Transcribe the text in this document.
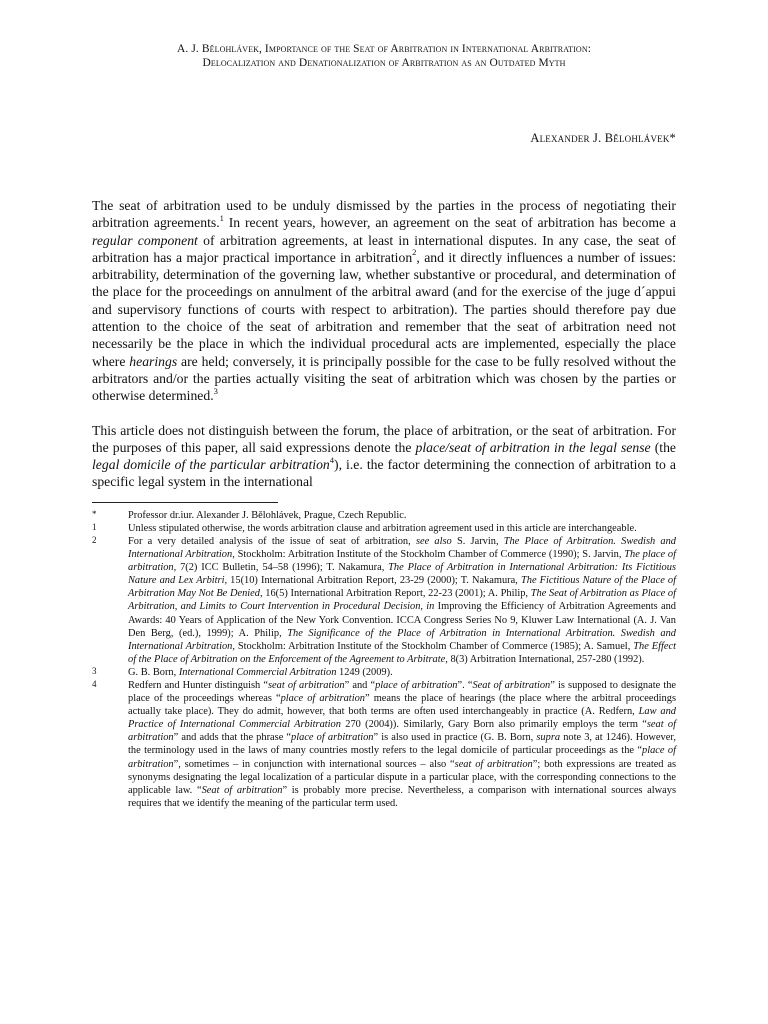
A. J. Bělohlávek, Importance of the Seat of Arbitration in International Arbitration:
Delocalization and Denationalization of Arbitration as an Outdated Myth
Alexander J. Bělohlávek*

The seat of arbitration used to be unduly dismissed by the parties in the process of negotiating their arbitration agreements.$^1$ In recent years, however, an agreement on the seat of arbitration has become a regular component of arbitration agreements, at least in international disputes. In any case, the seat of arbitration has a major practical importance in arbitration$^2$, and it directly influences a number of issues: arbitrability, determination of the governing law, whether substantive or procedural, and determination of the place for the proceedings on annulment of the arbitral award (and for the exercise of the juge d´appui and supervisory functions of courts with respect to arbitration). The parties should therefore pay due attention to the choice of the seat of arbitration and remember that the seat of arbitration need not necessarily be the place in which the individual procedural acts are implemented, especially the place where hearings are held; conversely, it is principally possible for the case to be fully resolved without the arbitrators and/or the parties actually visiting the seat of arbitration which was chosen by the parties or otherwise determined.$^3$

This article does not distinguish between the forum, the place of arbitration, or the seat of arbitration. For the purposes of this paper, all said expressions denote the place/seat of arbitration in the legal sense (the legal domicile of the particular arbitration$^4$), i.e. the factor determining the connection of arbitration to a specific legal system in the international

*	Professor dr.iur. Alexander J. Bělohlávek, Prague, Czech Republic.
1	Unless stipulated otherwise, the words arbitration clause and arbitration agreement used in this article are interchangeable.
2	For a very detailed analysis of the issue of seat of arbitration, see also S. Jarvin, The Place of Arbitration. Swedish and International Arbitration, Stockholm: Arbitration Institute of the Stockholm Chamber of Commerce (1990); S. Jarvin, The place of arbitration, 7(2) ICC Bulletin, 54–58 (1996); T. Nakamura, The Place of Arbitration in International Arbitration: Its Fictitious Nature and Lex Arbitri, 15(10) International Arbitration Report, 23-29 (2000); T. Nakamura, The Fictitious Nature of the Place of Arbitration May Not Be Denied, 16(5) International Arbitration Report, 22-23 (2001); A. Philip, The Seat of Arbitration as Place of Arbitration, and Limits to Court Intervention in Procedural Decision, in Improving the Efficiency of Arbitration Agreements and Awards: 40 Years of Application of the New York Convention. ICCA Congress Series No 9, Kluwer Law International (A. J. Van Den Berg, (ed.), 1999); A. Philip, The Significance of the Place of Arbitration in International Arbitration. Swedish and International Arbitration, Stockholm: Arbitration Institute of the Stockholm Chamber of Commerce (1985); A. Samuel, The Effect of the Place of Arbitration on the Enforcement of the Agreement to Arbitrate, 8(3) Arbitration International, 257-280 (1992).
3	G. B. Born, International Commercial Arbitration 1249 (2009).
4	Redfern and Hunter distinguish “seat of arbitration” and “place of arbitration”. “Seat of arbitration” is supposed to designate the place of the proceedings whereas “place of arbitration” means the place of hearings (the place where the arbitral proceedings actually take place). They do admit, however, that both terms are often used interchangeably in practice (A. Redfern, Law and Practice of International Commercial Arbitration 270 (2004)). Similarly, Gary Born also primarily employs the term “seat of arbitration” and adds that the phrase “place of arbitration” is also used in practice (G. B. Born, supra note 3, at 1246). However, the terminology used in the laws of many countries mostly refers to the legal domicile of particular proceedings as the “place of arbitration”, sometimes – in conjunction with international sources – also “seat of arbitration”; both expressions are treated as synonyms designating the legal localization of a particular dispute in a particular place, with the corresponding connections to the applicable law. “Seat of arbitration” is probably more precise. Nevertheless, a comparison with international sources always requires that we identify the meaning of the particular term used.
